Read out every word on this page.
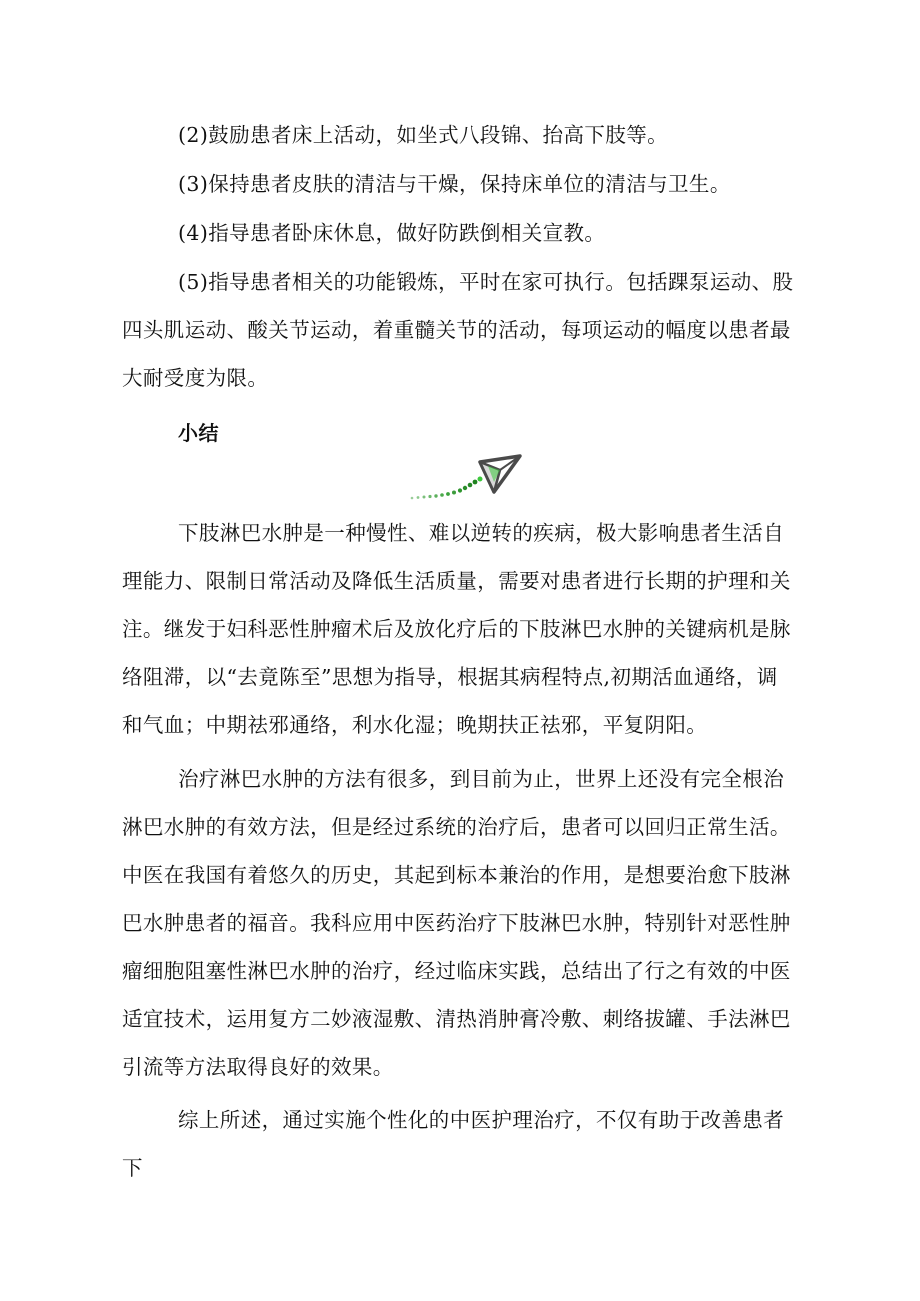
(2)鼓励患者床上活动，如坐式八段锦、抬高下肢等。

(3)保持患者皮肤的清洁与干燥，保持床单位的清洁与卫生。

(4)指导患者卧床休息，做好防跌倒相关宣教。

(5)指导患者相关的功能锻炼，平时在家可执行。包括踝泵运动、股四头肌运动、酸关节运动，着重髓关节的活动，每项运动的幅度以患者最大耐受度为限。

小结

下肢淋巴水肿是一种慢性、难以逆转的疾病，极大影响患者生活自理能力、限制日常活动及降低生活质量，需要对患者进行长期的护理和关注。继发于妇科恶性肿瘤术后及放化疗后的下肢淋巴水肿的关键病机是脉络阻滞，以“去竟陈至”思想为指导，根据其病程特点,初期活血通络，调和气血；中期祛邪通络，利水化湿；晚期扶正祛邪，平复阴阳。

治疗淋巴水肿的方法有很多，到目前为止，世界上还没有完全根治淋巴水肿的有效方法，但是经过系统的治疗后，患者可以回归正常生活。中医在我国有着悠久的历史，其起到标本兼治的作用，是想要治愈下肢淋巴水肿患者的福音。我科应用中医药治疗下肢淋巴水肿，特别针对恶性肿瘤细胞阻塞性淋巴水肿的治疗，经过临床实践，总结出了行之有效的中医适宜技术，运用复方二妙液湿敷、清热消肿膏冷敷、刺络拔罐、手法淋巴引流等方法取得良好的效果。

综上所述，通过实施个性化的中医护理治疗，不仅有助于改善患者下
